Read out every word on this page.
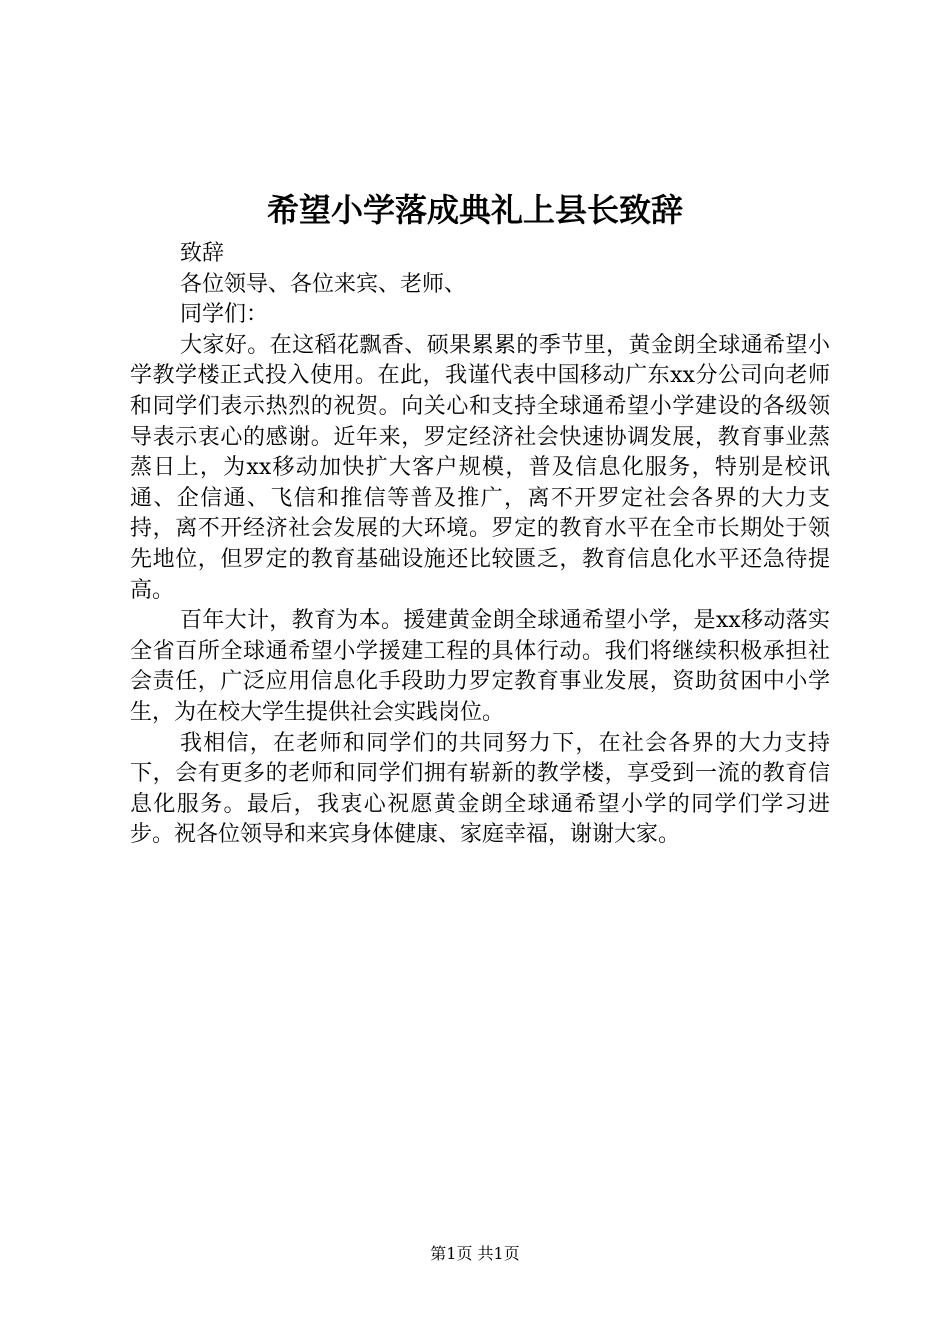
希望小学落成典礼上县长致辞

致辞

各位领导、各位来宾、老师、

同学们：

大家好。在这稻花飘香、硕果累累的季节里，黄金朗全球通希望小学教学楼正式投入使用。在此，我谨代表中国移动广东xx分公司向老师和同学们表示热烈的祝贺。向关心和支持全球通希望小学建设的各级领导表示衷心的感谢。近年来，罗定经济社会快速协调发展，教育事业蒸蒸日上，为xx移动加快扩大客户规模，普及信息化服务，特别是校讯通、企信通、飞信和推信等普及推广，离不开罗定社会各界的大力支持，离不开经济社会发展的大环境。罗定的教育水平在全市长期处于领先地位，但罗定的教育基础设施还比较匮乏，教育信息化水平还急待提高。

百年大计，教育为本。援建黄金朗全球通希望小学，是xx移动落实全省百所全球通希望小学援建工程的具体行动。我们将继续积极承担社会责任，广泛应用信息化手段助力罗定教育事业发展，资助贫困中小学生，为在校大学生提供社会实践岗位。

我相信，在老师和同学们的共同努力下，在社会各界的大力支持下，会有更多的老师和同学们拥有崭新的教学楼，享受到一流的教育信息化服务。最后，我衷心祝愿黄金朗全球通希望小学的同学们学习进步。祝各位领导和来宾身体健康、家庭幸福，谢谢大家。

第1页 共1页
